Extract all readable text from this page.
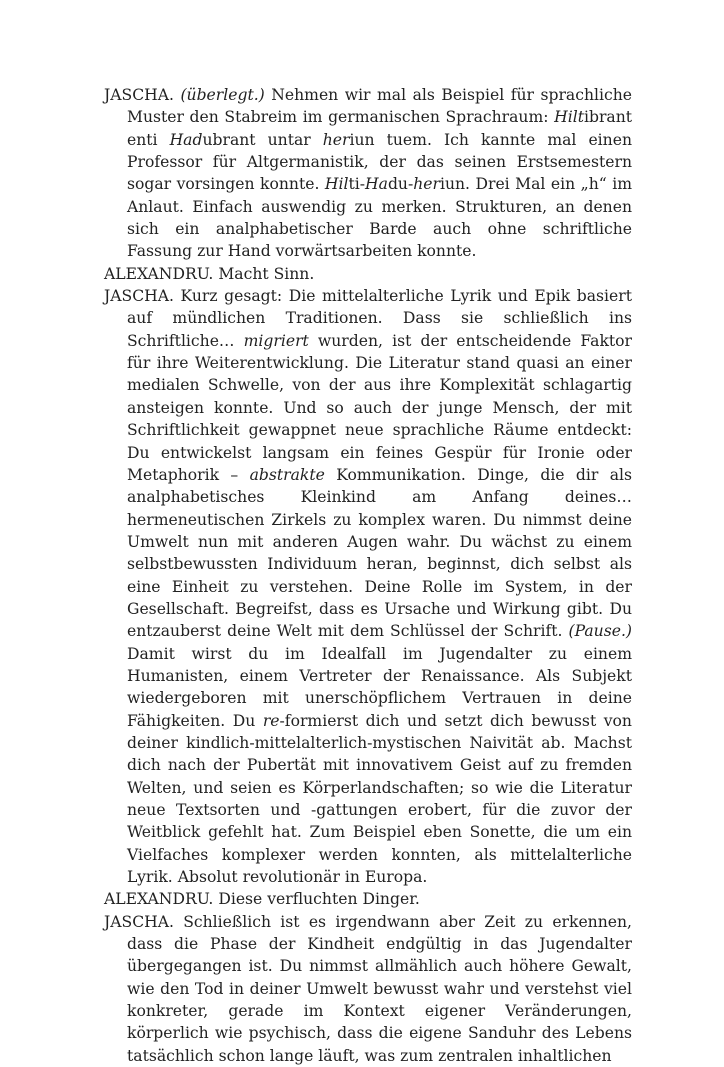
JASCHA. (überlegt.) Nehmen wir mal als Beispiel für sprachliche Muster den Stabreim im germanischen Sprachraum: Hiltibrant enti Hadubrant untar heriun tuem. Ich kannte mal einen Professor für Altgermanistik, der das seinen Erstsemestern sogar vorsingen konnte. Hilti-Hadu-heriun. Drei Mal ein „h“ im Anlaut. Einfach auswendig zu merken. Strukturen, an denen sich ein analphabetischer Barde auch ohne schriftliche Fassung zur Hand vorwärtsarbeiten konnte.

ALEXANDRU. Macht Sinn.

JASCHA. Kurz gesagt: Die mittelalterliche Lyrik und Epik basiert auf mündlichen Traditionen. Dass sie schließlich ins Schriftliche… migriert wurden, ist der entscheidende Faktor für ihre Weiterentwicklung. Die Literatur stand quasi an einer medialen Schwelle, von der aus ihre Komplexität schlagartig ansteigen konnte. Und so auch der junge Mensch, der mit Schriftlichkeit gewappnet neue sprachliche Räume entdeckt: Du entwickelst langsam ein feines Gespür für Ironie oder Metaphorik – abstrakte Kommunikation. Dinge, die dir als analphabetisches Kleinkind am Anfang deines… hermeneutischen Zirkels zu komplex waren. Du nimmst deine Umwelt nun mit anderen Augen wahr. Du wächst zu einem selbstbewussten Individuum heran, beginnst, dich selbst als eine Einheit zu verstehen. Deine Rolle im System, in der Gesellschaft. Begreifst, dass es Ursache und Wirkung gibt. Du entzauberst deine Welt mit dem Schlüssel der Schrift. (Pause.) Damit wirst du im Idealfall im Jugendalter zu einem Humanisten, einem Vertreter der Renaissance. Als Subjekt wiedergeboren mit unerschöpflichem Vertrauen in deine Fähigkeiten. Du re-formierst dich und setzt dich bewusst von deiner kindlich-mittelalterlich-mystischen Naivität ab. Machst dich nach der Pubertät mit innovativem Geist auf zu fremden Welten, und seien es Körperlandschaften; so wie die Literatur neue Textsorten und -gattungen erobert, für die zuvor der Weitblick gefehlt hat. Zum Beispiel eben Sonette, die um ein Vielfaches komplexer werden konnten, als mittelalterliche Lyrik. Absolut revolutionär in Europa.

ALEXANDRU. Diese verfluchten Dinger.

JASCHA. Schließlich ist es irgendwann aber Zeit zu erkennen, dass die Phase der Kindheit endgültig in das Jugendalter übergegangen ist. Du nimmst allmählich auch höhere Gewalt, wie den Tod in deiner Umwelt bewusst wahr und verstehst viel konkreter, gerade im Kontext eigener Veränderungen, körperlich wie psychisch, dass die eigene Sanduhr des Lebens tatsächlich schon lange läuft, was zum zentralen inhaltlichen
